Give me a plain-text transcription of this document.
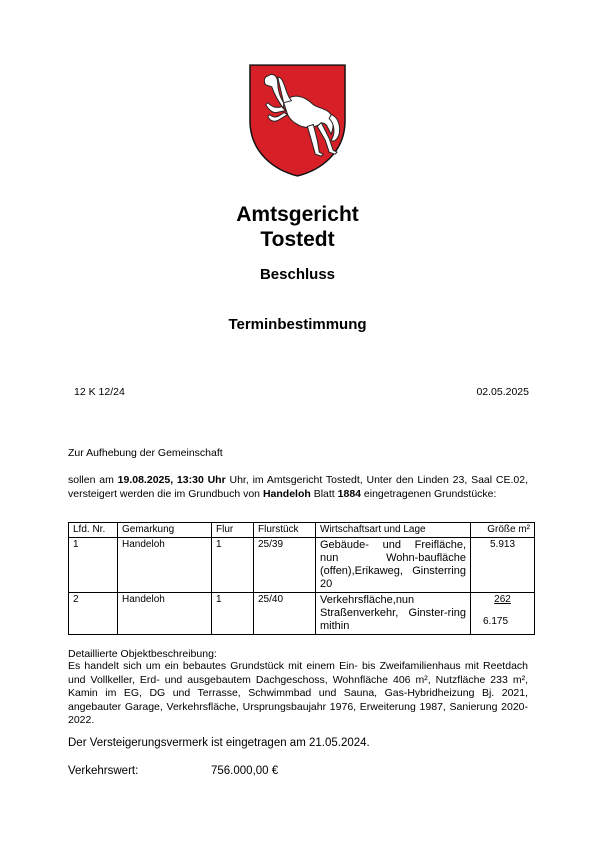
Amtsgericht
Tostedt
Beschluss
Terminbestimmung
12 K 12/24	02.05.2025
Zur Aufhebung der Gemeinschaft
sollen am 19.08.2025, 13:30 Uhr Uhr, im Amtsgericht Tostedt, Unter den Linden 23, Saal CE.02, versteigert werden die im Grundbuch von Handeloh Blatt 1884 eingetragenen Grundstücke:
Lfd. Nr.	Gemarkung	Flur	Flurstück	Wirtschaftsart und Lage	Größe m²
1	Handeloh	1	25/39	Gebäude- und Freifläche, nun Wohn-baufläche (offen),Erikaweg, Ginsterring 20	5.913

2	Handeloh	1	25/40	Verkehrsfläche,nun Straßenverkehr, Ginster-ring mithin	262
6.175
Detaillierte Objektbeschreibung:
Es handelt sich um ein bebautes Grundstück mit einem Ein- bis Zweifamilienhaus mit Reetdach und Vollkeller, Erd- und ausgebautem Dachgeschoss, Wohnfläche 406 m², Nutzfläche 233 m², Kamin im EG, DG und Terrasse, Schwimmbad und Sauna, Gas-Hybridheizung Bj. 2021, angebauter Garage, Verkehrsfläche, Ursprungsbaujahr 1976, Erweiterung 1987, Sanierung 2020-2022.
Der Versteigerungsvermerk ist eingetragen am 21.05.2024.
Verkehrswert:	756.000,00 €
